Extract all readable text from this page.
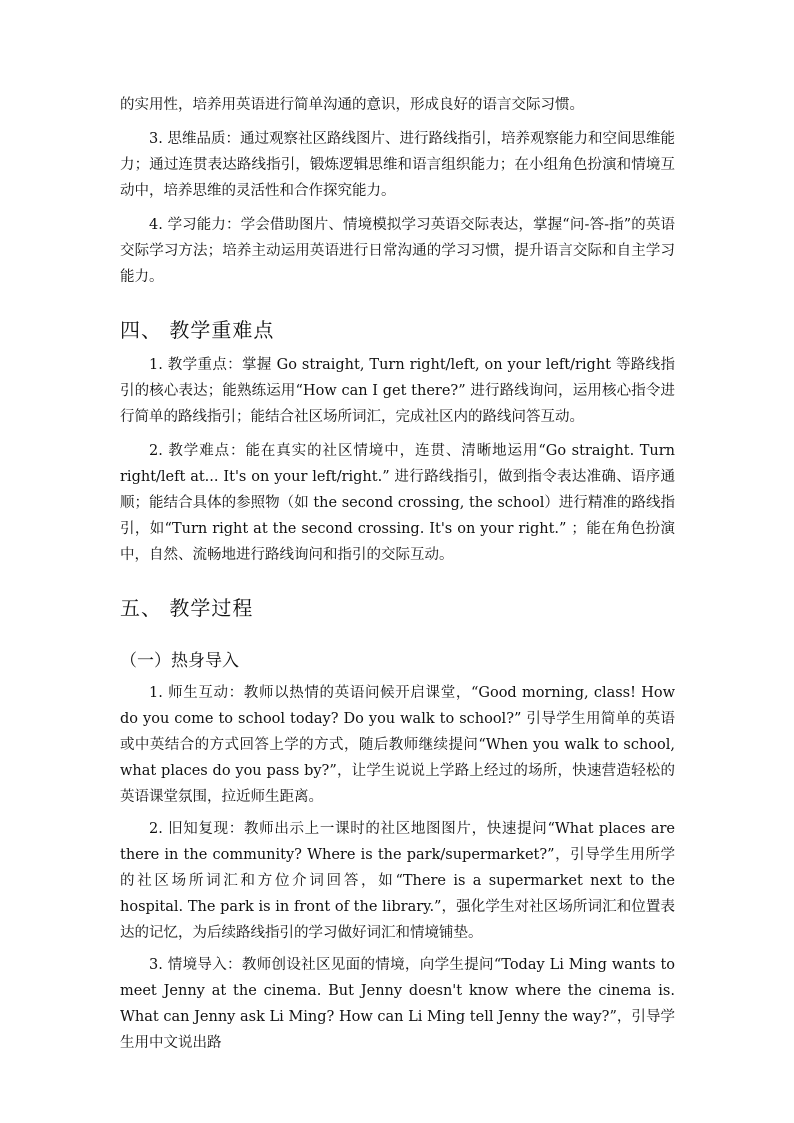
的实用性，培养用英语进行简单沟通的意识，形成良好的语言交际习惯。

3. 思维品质：通过观察社区路线图片、进行路线指引，培养观察能力和空间思维能力；通过连贯表达路线指引，锻炼逻辑思维和语言组织能力；在小组角色扮演和情境互动中，培养思维的灵活性和合作探究能力。

4. 学习能力：学会借助图片、情境模拟学习英语交际表达，掌握“问-答-指”的英语交际学习方法；培养主动运用英语进行日常沟通的学习习惯，提升语言交际和自主学习能力。

四、 教学重难点

1. 教学重点：掌握 Go straight, Turn right/left, on your left/right 等路线指引的核心表达；能熟练运用“How can I get there?” 进行路线询问，运用核心指令进行简单的路线指引；能结合社区场所词汇，完成社区内的路线问答互动。

2. 教学难点：能在真实的社区情境中，连贯、清晰地运用“Go straight. Turn right/left at... It's on your left/right.” 进行路线指引，做到指令表达准确、语序通顺；能结合具体的参照物（如 the second crossing, the school）进行精准的路线指引，如“Turn right at the second crossing. It's on your right.” ；能在角色扮演中，自然、流畅地进行路线询问和指引的交际互动。

五、 教学过程
（一）热身导入

1. 师生互动：教师以热情的英语问候开启课堂，“Good morning, class! How do you come to school today? Do you walk to school?” 引导学生用简单的英语或中英结合的方式回答上学的方式，随后教师继续提问“When you walk to school, what places do you pass by?”，让学生说说上学路上经过的场所，快速营造轻松的英语课堂氛围，拉近师生距离。

2. 旧知复现：教师出示上一课时的社区地图图片，快速提问“What places are there in the community? Where is the park/supermarket?”，引导学生用所学的社区场所词汇和方位介词回答，如“There is a supermarket next to the hospital. The park is in front of the library.”，强化学生对社区场所词汇和位置表达的记忆，为后续路线指引的学习做好词汇和情境铺垫。

3. 情境导入：教师创设社区见面的情境，向学生提问“Today Li Ming wants to meet Jenny at the cinema. But Jenny doesn't know where the cinema is. What can Jenny ask Li Ming? How can Li Ming tell Jenny the way?”，引导学生用中文说出路
